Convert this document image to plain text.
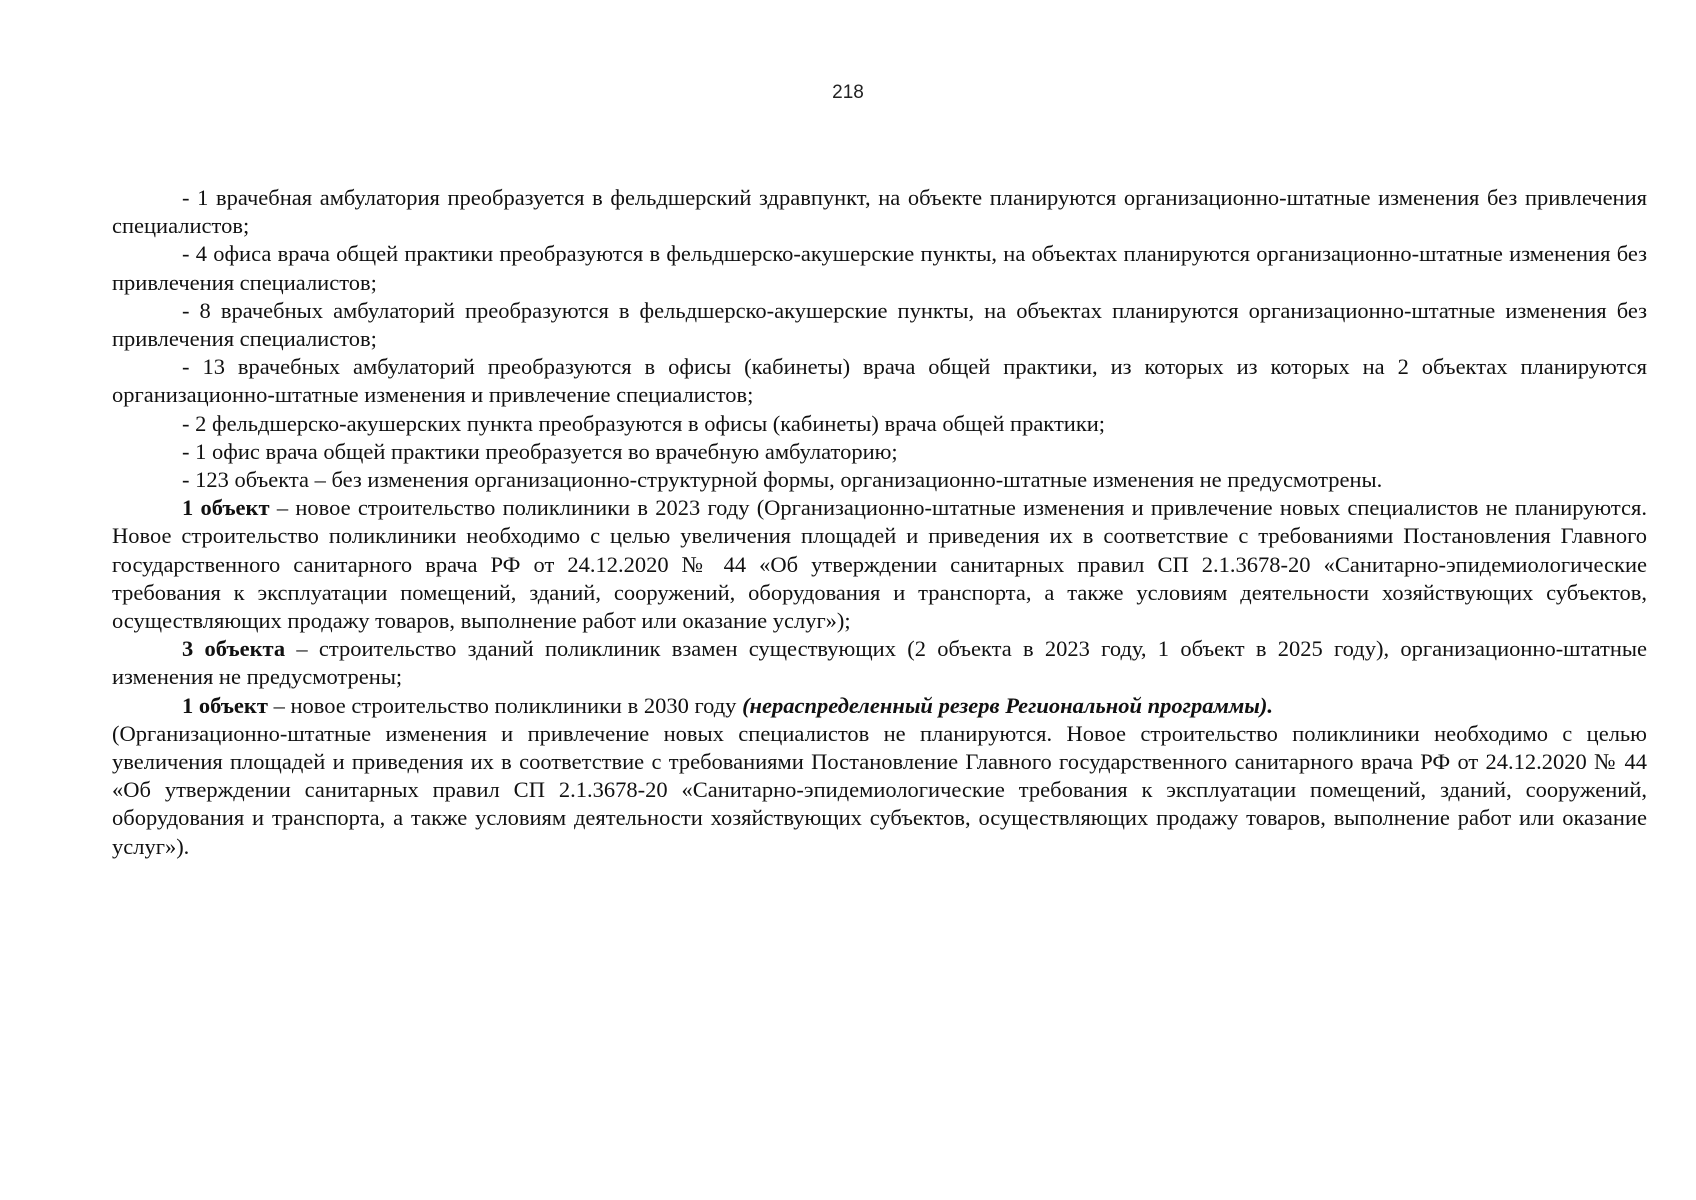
218

- 1 врачебная амбулатория преобразуется в фельдшерский здравпункт, на объекте планируются организационно-штатные изменения без привлечения специалистов;

- 4 офиса врача общей практики преобразуются в фельдшерско-акушерские пункты, на объектах планируются организационно-штатные изменения без привлечения специалистов;

- 8 врачебных амбулаторий преобразуются в фельдшерско-акушерские пункты, на объектах планируются организационно-штатные изменения без привлечения специалистов;

- 13 врачебных амбулаторий преобразуются в офисы (кабинеты) врача общей практики, из которых из которых на 2 объектах планируются организационно-штатные изменения и привлечение специалистов;

- 2 фельдшерско-акушерских пункта преобразуются в офисы (кабинеты) врача общей практики;

- 1 офис врача общей практики преобразуется во врачебную амбулаторию;

- 123 объекта – без изменения организационно-структурной формы, организационно-штатные изменения не предусмотрены.

1 объект – новое строительство поликлиники в 2023 году (Организационно-штатные изменения и привлечение новых специалистов не планируются. Новое строительство поликлиники необходимо с целью увеличения площадей и приведения их в соответствие с требованиями Постановления Главного государственного санитарного врача РФ от 24.12.2020 № 44 «Об утверждении санитарных правил СП 2.1.3678-20 «Санитарно-эпидемиологические требования к эксплуатации помещений, зданий, сооружений, оборудования и транспорта, а также условиям деятельности хозяйствующих субъектов, осуществляющих продажу товаров, выполнение работ или оказание услуг»);

3 объекта – строительство зданий поликлиник взамен существующих (2 объекта в 2023 году, 1 объект в 2025 году), организационно-штатные изменения не предусмотрены;

1 объект – новое строительство поликлиники в 2030 году (нераспределенный резерв Региональной программы).

(Организационно-штатные изменения и привлечение новых специалистов не планируются. Новое строительство поликлиники необходимо с целью увеличения площадей и приведения их в соответствие с требованиями Постановление Главного государственного санитарного врача РФ от 24.12.2020 № 44 «Об утверждении санитарных правил СП 2.1.3678-20 «Санитарно-эпидемиологические требования к эксплуатации помещений, зданий, сооружений, оборудования и транспорта, а также условиям деятельности хозяйствующих субъектов, осуществляющих продажу товаров, выполнение работ или оказание услуг»).
